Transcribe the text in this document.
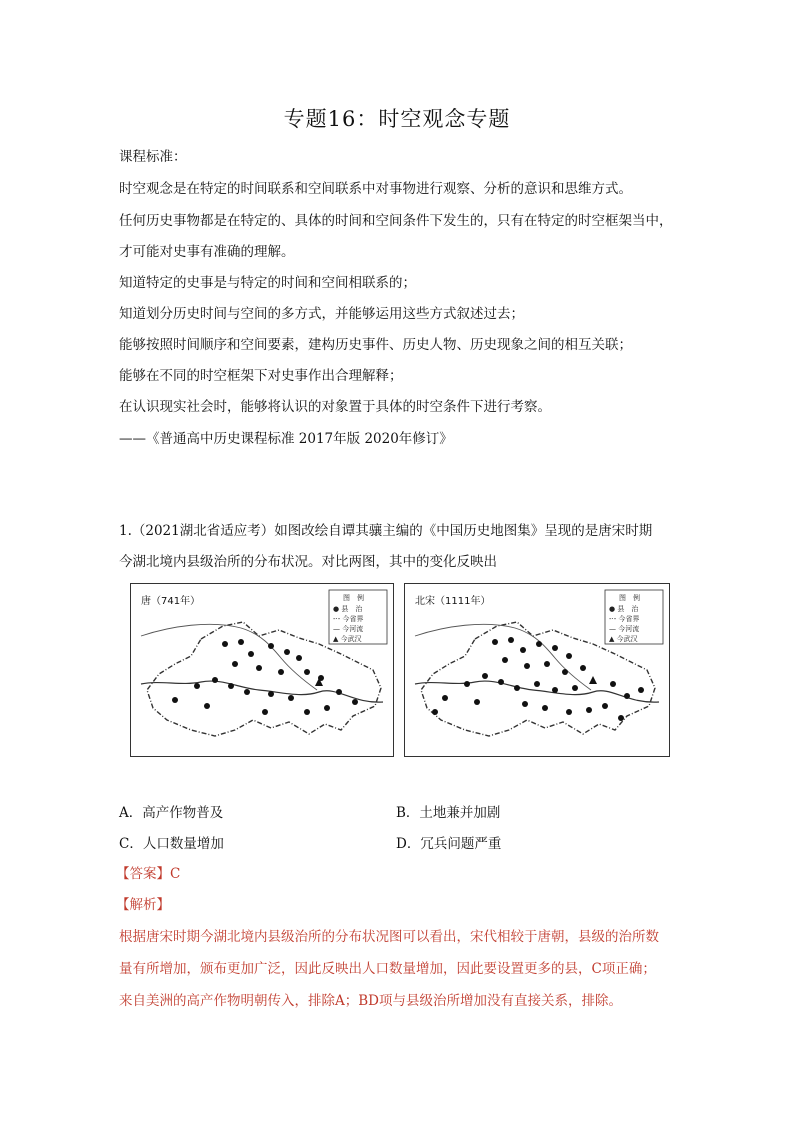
专题16：时空观念专题
课程标准：
时空观念是在特定的时间联系和空间联系中对事物进行观察、分析的意识和思维方式。
任何历史事物都是在特定的、具体的时间和空间条件下发生的，只有在特定的时空框架当中，
才可能对史事有准确的理解。
知道特定的史事是与特定的时间和空间相联系的；
知道划分历史时间与空间的多方式，并能够运用这些方式叙述过去；
能够按照时间顺序和空间要素，建构历史事件、历史人物、历史现象之间的相互关联；
能够在不同的时空框架下对史事作出合理解释；
在认识现实社会时，能够将认识的对象置于具体的时空条件下进行考察。
——《普通高中历史课程标准 2017年版 2020年修订》
1.（2021湖北省适应考）如图改绘自谭其骧主编的《中国历史地图集》呈现的是唐宋时期
今湖北境内县级治所的分布状况。对比两图，其中的变化反映出
唐（741年）	图　例
● 县　治
-·- 今省界
— 今河流
▲ 今武汉
北宋（1111年）	图　例
● 县　治
-·- 今省界
— 今河流
▲ 今武汉
A．高产作物普及	B．土地兼并加剧
C．人口数量增加	D．冗兵问题严重
【答案】C
【解析】
根据唐宋时期今湖北境内县级治所的分布状况图可以看出，宋代相较于唐朝，县级的治所数
量有所增加，颁布更加广泛，因此反映出人口数量增加，因此要设置更多的县，C项正确；
来自美洲的高产作物明朝传入，排除A；BD项与县级治所增加没有直接关系，排除。
